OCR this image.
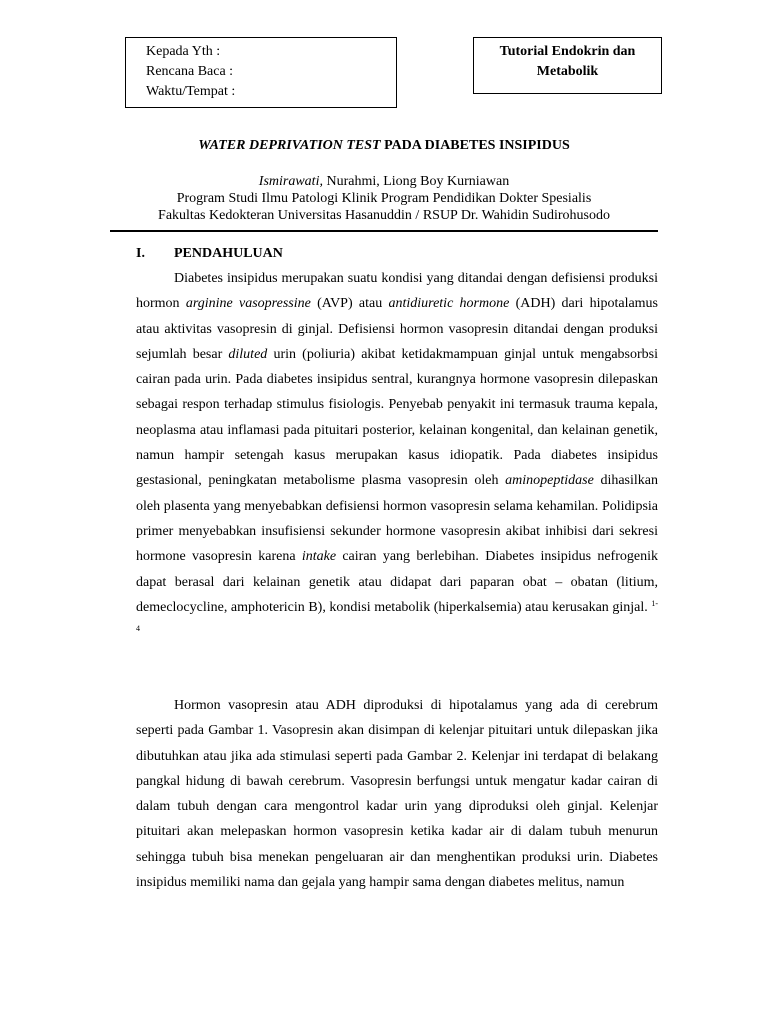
Kepada Yth :
Rencana Baca :
Waktu/Tempat :
Tutorial Endokrin dan
Metabolik
WATER DEPRIVATION TEST PADA DIABETES INSIPIDUS
Ismirawati, Nurahmi, Liong Boy Kurniawan
Program Studi Ilmu Patologi Klinik Program Pendidikan Dokter Spesialis
Fakultas Kedokteran Universitas Hasanuddin / RSUP Dr. Wahidin Sudirohusodo
I. PENDAHULUAN

Diabetes insipidus merupakan suatu kondisi yang ditandai dengan defisiensi produksi hormon arginine vasopressine (AVP) atau antidiuretic hormone (ADH) dari hipotalamus atau aktivitas vasopresin di ginjal. Defisiensi hormon vasopresin ditandai dengan produksi sejumlah besar diluted urin (poliuria) akibat ketidakmampuan ginjal untuk mengabsorbsi cairan pada urin. Pada diabetes insipidus sentral, kurangnya hormone vasopresin dilepaskan sebagai respon terhadap stimulus fisiologis. Penyebab penyakit ini termasuk trauma kepala, neoplasma atau inflamasi pada pituitari posterior, kelainan kongenital, dan kelainan genetik, namun hampir setengah kasus merupakan kasus idiopatik. Pada diabetes insipidus gestasional, peningkatan metabolisme plasma vasopresin oleh aminopeptidase dihasilkan oleh plasenta yang menyebabkan defisiensi hormon vasopresin selama kehamilan. Polidipsia primer menyebabkan insufisiensi sekunder hormone vasopresin akibat inhibisi dari sekresi hormone vasopresin karena intake cairan yang berlebihan. Diabetes insipidus nefrogenik dapat berasal dari kelainan genetik atau didapat dari paparan obat – obatan (litium, demeclocycline, amphotericin B), kondisi metabolik (hiperkalsemia) atau kerusakan ginjal. $^{1-4}$

Hormon vasopresin atau ADH diproduksi di hipotalamus yang ada di cerebrum seperti pada Gambar 1. Vasopresin akan disimpan di kelenjar pituitari untuk dilepaskan jika dibutuhkan atau jika ada stimulasi seperti pada Gambar 2. Kelenjar ini terdapat di belakang pangkal hidung di bawah cerebrum. Vasopresin berfungsi untuk mengatur kadar cairan di dalam tubuh dengan cara mengontrol kadar urin yang diproduksi oleh ginjal. Kelenjar pituitari akan melepaskan hormon vasopresin ketika kadar air di dalam tubuh menurun sehingga tubuh bisa menekan pengeluaran air dan menghentikan produksi urin. Diabetes insipidus memiliki nama dan gejala yang hampir sama dengan diabetes melitus, namun
